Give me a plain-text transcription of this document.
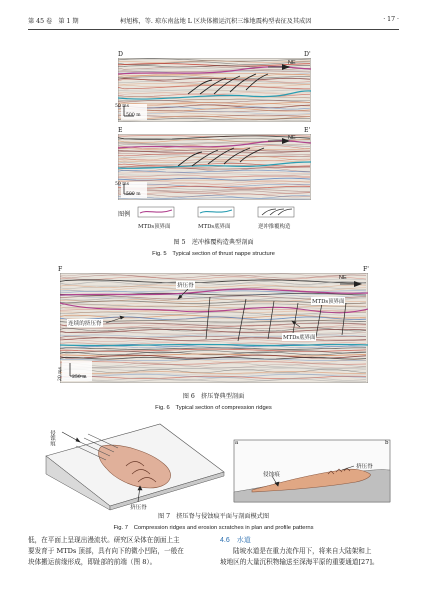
第 45 卷　第 1 期	柯旭栋，等. 琼东南盆地 L 区块体搬运沉积三维地震构型表征及其成因	· 17 ·
D	D'
NE
50 ms
500 m
E	E'
NE
50 ms
500 m
图例
MTDs顶界面	MTDs底界面	逆冲推覆构造
图 5　逆冲推覆构造典型剖面
Fig. 5　Typical section of thrust nappe structure
F	F'
NE
挤压脊
连续的挤压脊
MTDs顶界面
MTDs底界面
20 ms 250 m
图 6　挤压脊典型剖面
Fig. 6　Typical section of compression ridges
侵蚀痕
挤压脊
a	b
挤压脊
侵蚀痕
图 7　挤压脊与侵蚀痕平面与剖面模式图
Fig. 7　Compression ridges and erosion scratches in plan and profile patterns
低，在平面上呈现出漫流状。研究区朵体在剖面上主
要发育于 MTDs 顶部，具有向下的微小凹陷，一般在
块体搬运前缘形成，即趾部的前端（图 8）。
4.6　水道
陆坡水道是在重力流作用下，将来自大陆架和上
坡地区的大量沉积物输送至深海平原的重要通道[27]。
